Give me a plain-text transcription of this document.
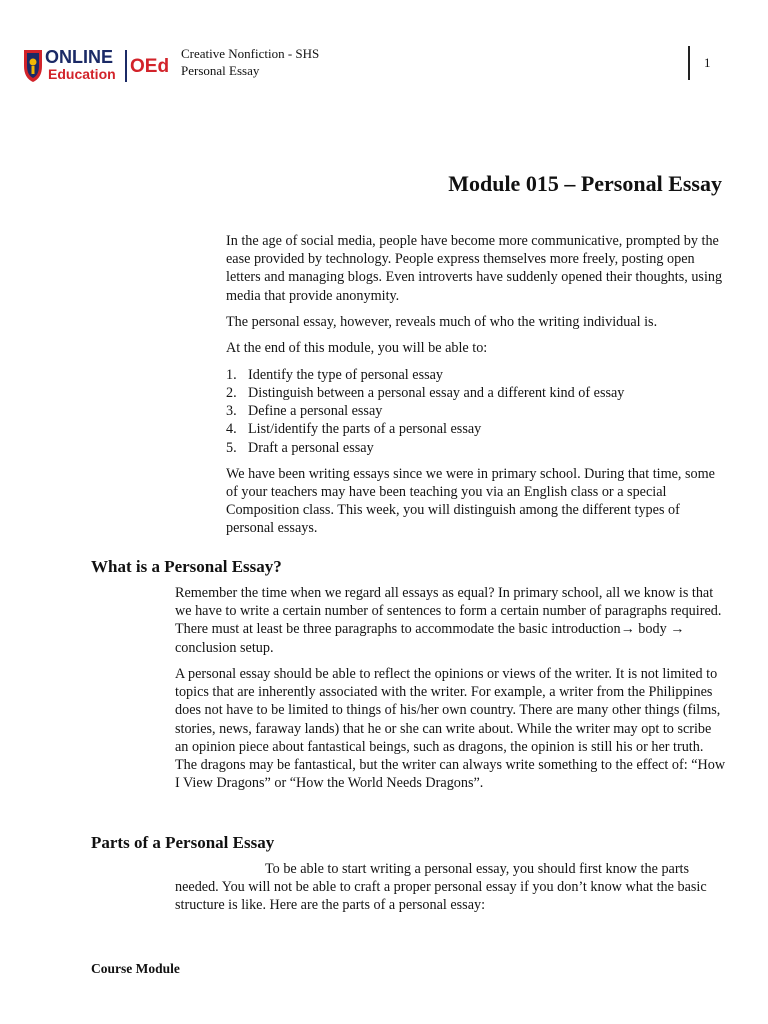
ONLINE
Education OEd
Creative Nonfiction - SHS
Personal Essay
1
Module 015 – Personal Essay

In the age of social media, people have become more communicative, prompted by the ease provided by technology. People express themselves more freely, posting open letters and managing blogs. Even introverts have suddenly opened their thoughts, using media that provide anonymity.

The personal essay, however, reveals much of who the writing individual is.

At the end of this module, you will be able to:

1. Identify the type of personal essay
2. Distinguish between a personal essay and a different kind of essay
3. Define a personal essay
4. List/identify the parts of a personal essay
5. Draft a personal essay

We have been writing essays since we were in primary school. During that time, some of your teachers may have been teaching you via an English class or a special Composition class. This week, you will distinguish among the different types of personal essays.

What is a Personal Essay?

Remember the time when we regard all essays as equal? In primary school, all we know is that we have to write a certain number of sentences to form a certain number of paragraphs required. There must at least be three paragraphs to accommodate the basic introduction→ body → conclusion setup.

A personal essay should be able to reflect the opinions or views of the writer. It is not limited to topics that are inherently associated with the writer. For example, a writer from the Philippines does not have to be limited to things of his/her own country. There are many other things (films, stories, news, faraway lands) that he or she can write about. While the writer may opt to scribe an opinion piece about fantastical beings, such as dragons, the opinion is still his or her truth. The dragons may be fantastical, but the writer can always write something to the effect of: “How I View Dragons” or “How the World Needs Dragons”.

Parts of a Personal Essay

To be able to start writing a personal essay, you should first know the parts needed. You will not be able to craft a proper personal essay if you don’t know what the basic structure is like. Here are the parts of a personal essay:

Course Module
